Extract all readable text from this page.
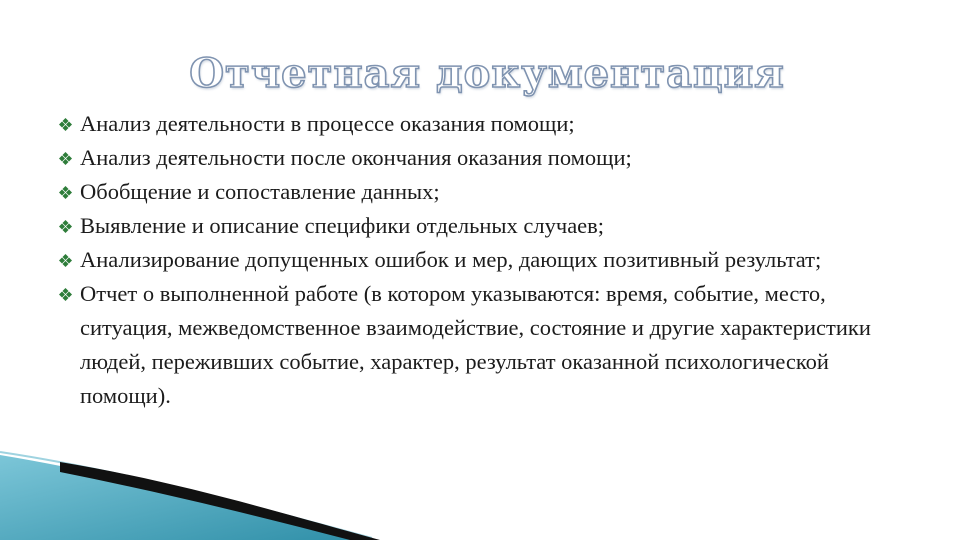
Отчетная документация
Анализ деятельности в процессе оказания помощи;
Анализ деятельности после окончания оказания помощи;
Обобщение и сопоставление данных;
Выявление и описание специфики отдельных случаев;
Анализирование допущенных ошибок и мер, дающих позитивный результат;
Отчет о выполненной работе (в котором указываются: время, событие, место, ситуация, межведомственное взаимодействие, состояние и другие характеристики людей, переживших событие, характер, результат оказанной психологической помощи).
